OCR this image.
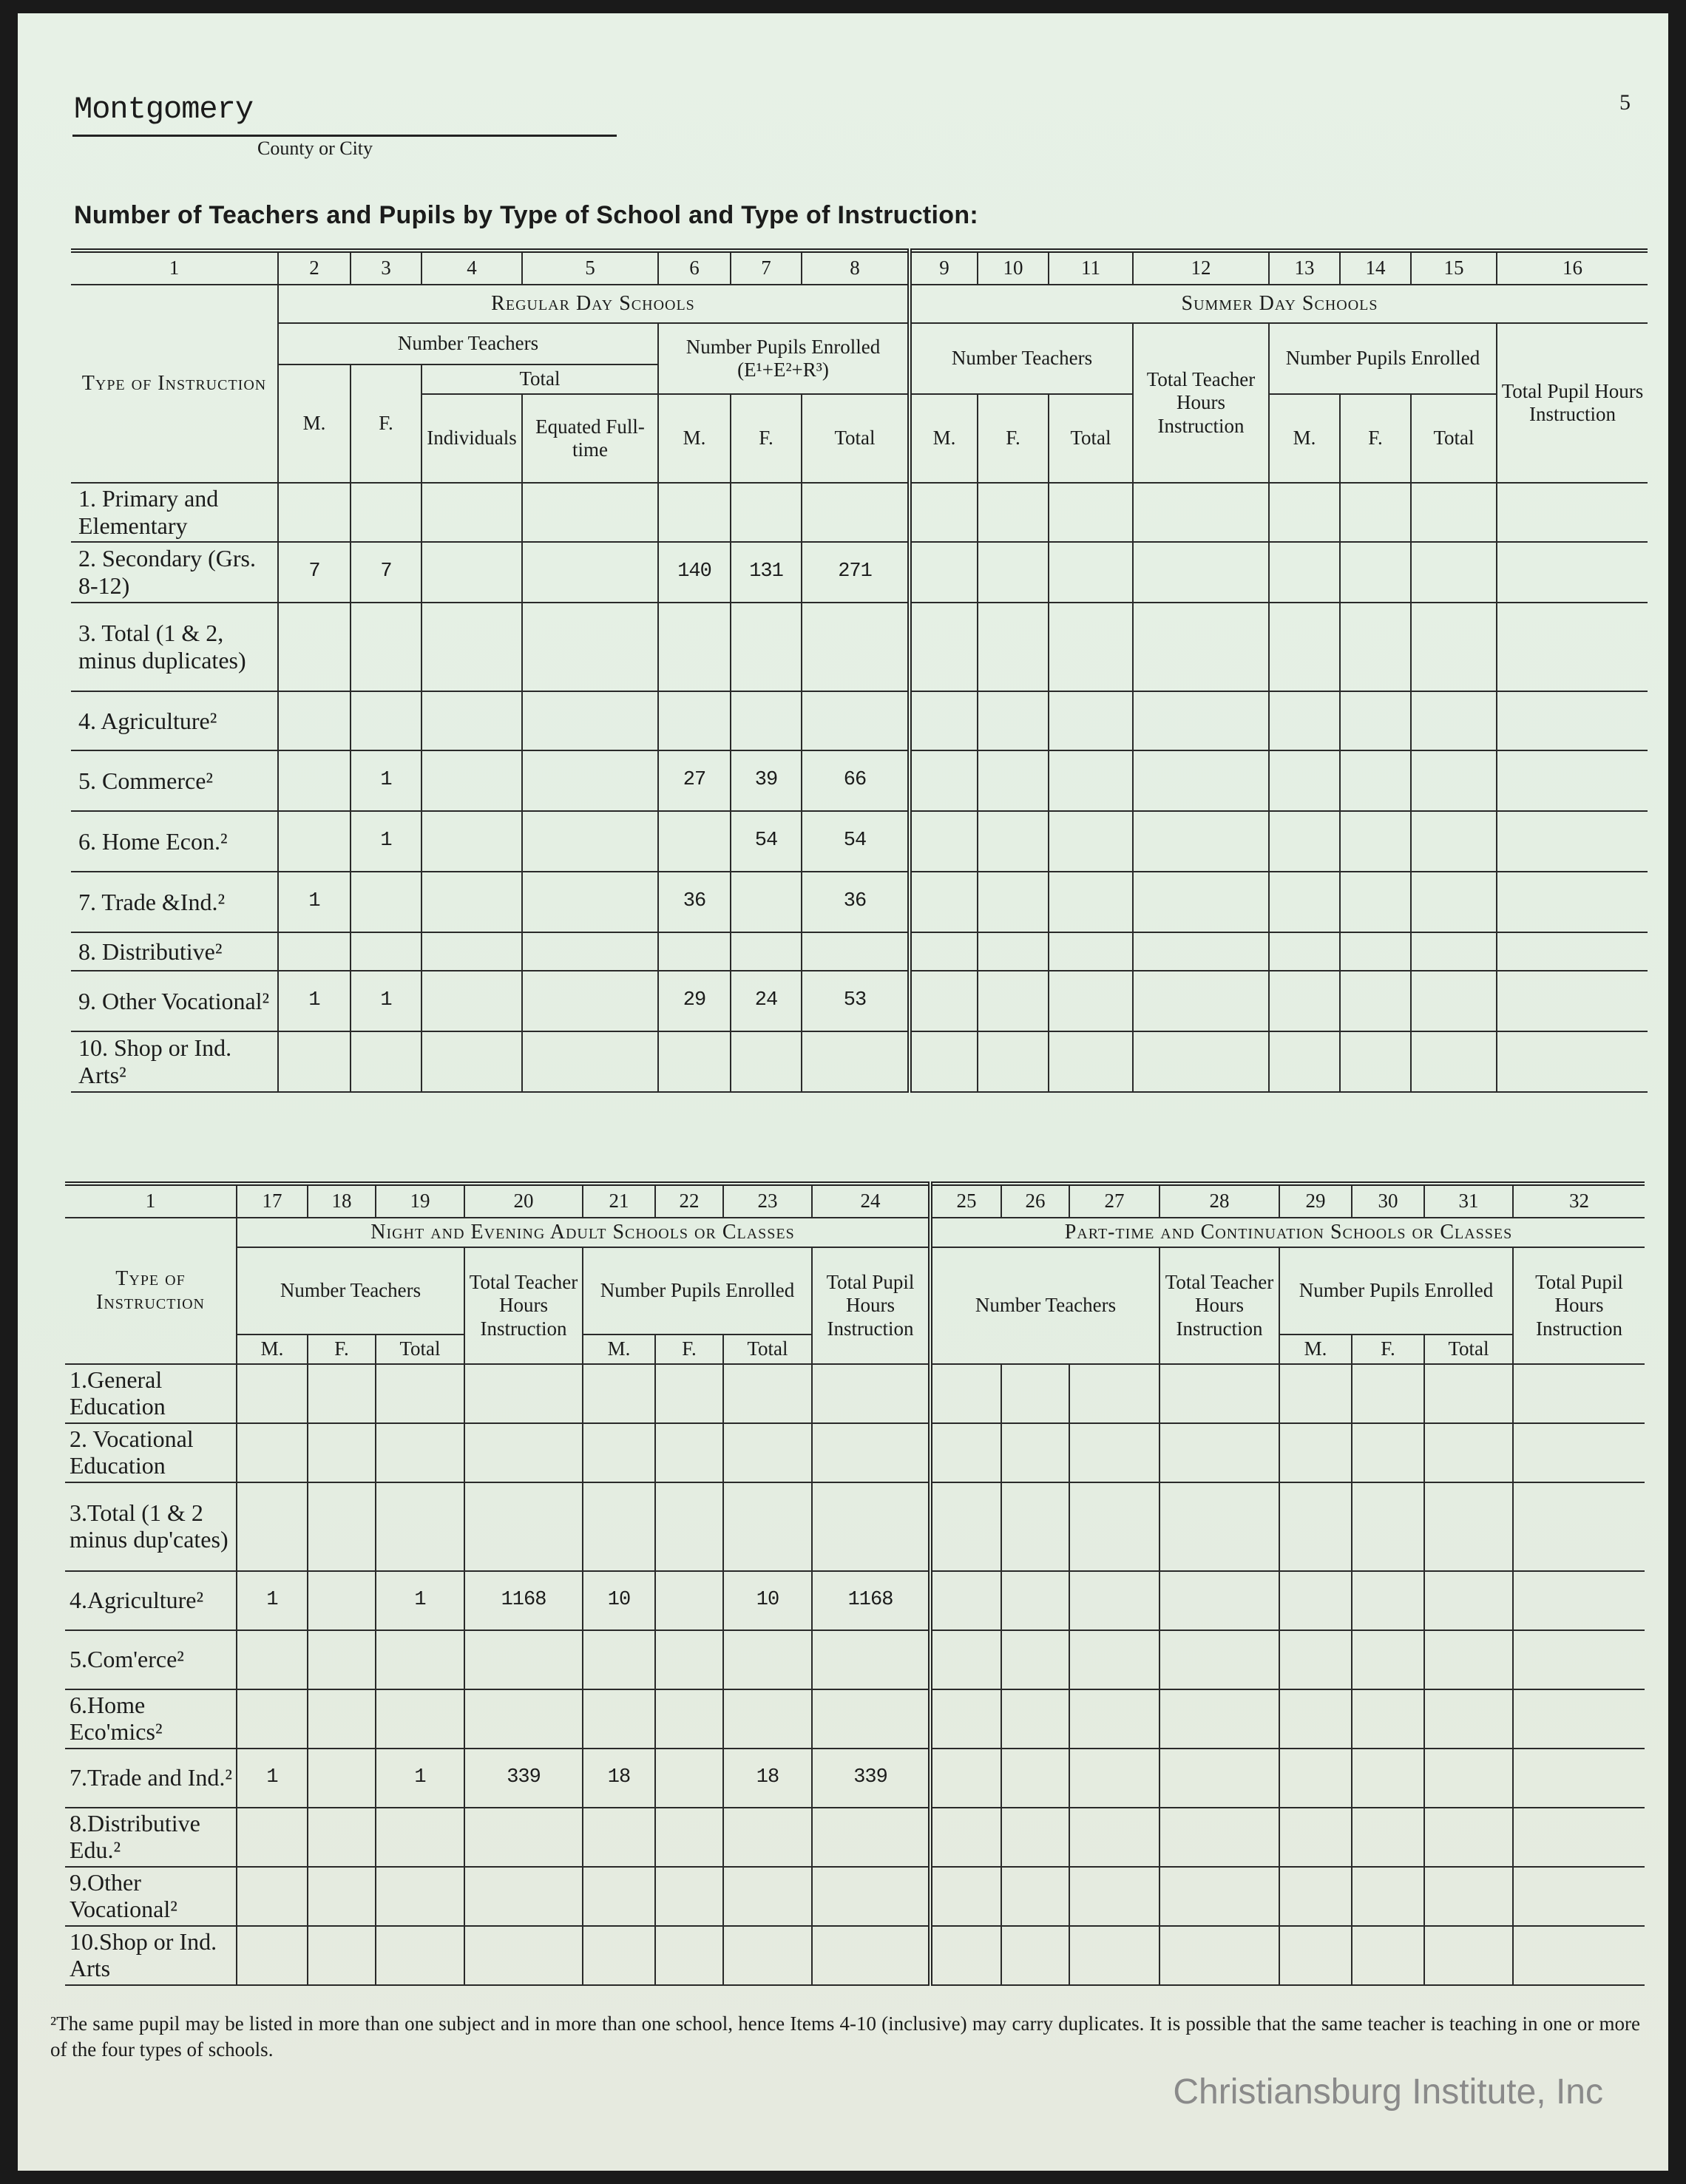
Montgomery
County or City
5
Number of Teachers and Pupils by Type of School and Type of Instruction:
1	2	3	4	5	6	7	8	9	10	11	12	13	14	15	16
Type of Instruction	Regular Day Schools							Summer Day Schools							
	Number Teachers				Number Pupils Enrolled (E¹+E²+R³)			Number Teachers			Total Teacher Hours Instruction	Number Pupils Enrolled			Total Pupil Hours Instruction
	M.	F.	Total												
			Individuals	Equated Full-time	M.	F.	Total	M.	F.	Total		M.	F.	Total	
1. Primary and Elementary															
2. Secondary (Grs. 8-12)	7	7			140	131	271								
3. Total (1 & 2, minus duplicates)															
4. Agriculture²															
5. Commerce²		1			27	39	66								
6. Home Econ.²		1				54	54								
7. Trade &Ind.²	1				36		36								
8. Distributive²															
9. Other Vocational²	1	1			29	24	53								
10. Shop or Ind. Arts²															
1	17	18	19	20	21	22	23	24	25	26	27	28	29	30	31	32
Type of Instruction	Night and Evening Adult Schools or Classes								Part-time and Continuation Schools or Classes							
	Number Teachers			Total Teacher Hours Instruction	Number Pupils Enrolled			Total Pupil Hours Instruction	Number Teachers			Total Teacher Hours Instruction	Number Pupils Enrolled			Total Pupil Hours Instruction
	M.	F.	Total		M.	F.	Total						M.	F.	Total	
1.General Education																
2. Vocational Education																
3.Total (1 & 2 minus dup'cates)																
4.Agriculture²	1		1	1168	10		10	1168								
5.Com'erce²																
6.Home Eco'mics²																
7.Trade and Ind.²	1		1	339	18		18	339								
8.Distributive Edu.²																
9.Other Vocational²																
10.Shop or Ind. Arts																
²The same pupil may be listed in more than one subject and in more than one school, hence Items 4-10 (inclusive) may carry duplicates. It is possible that the same teacher is teaching in one or more of the four types of schools.
Christiansburg Institute, Inc
